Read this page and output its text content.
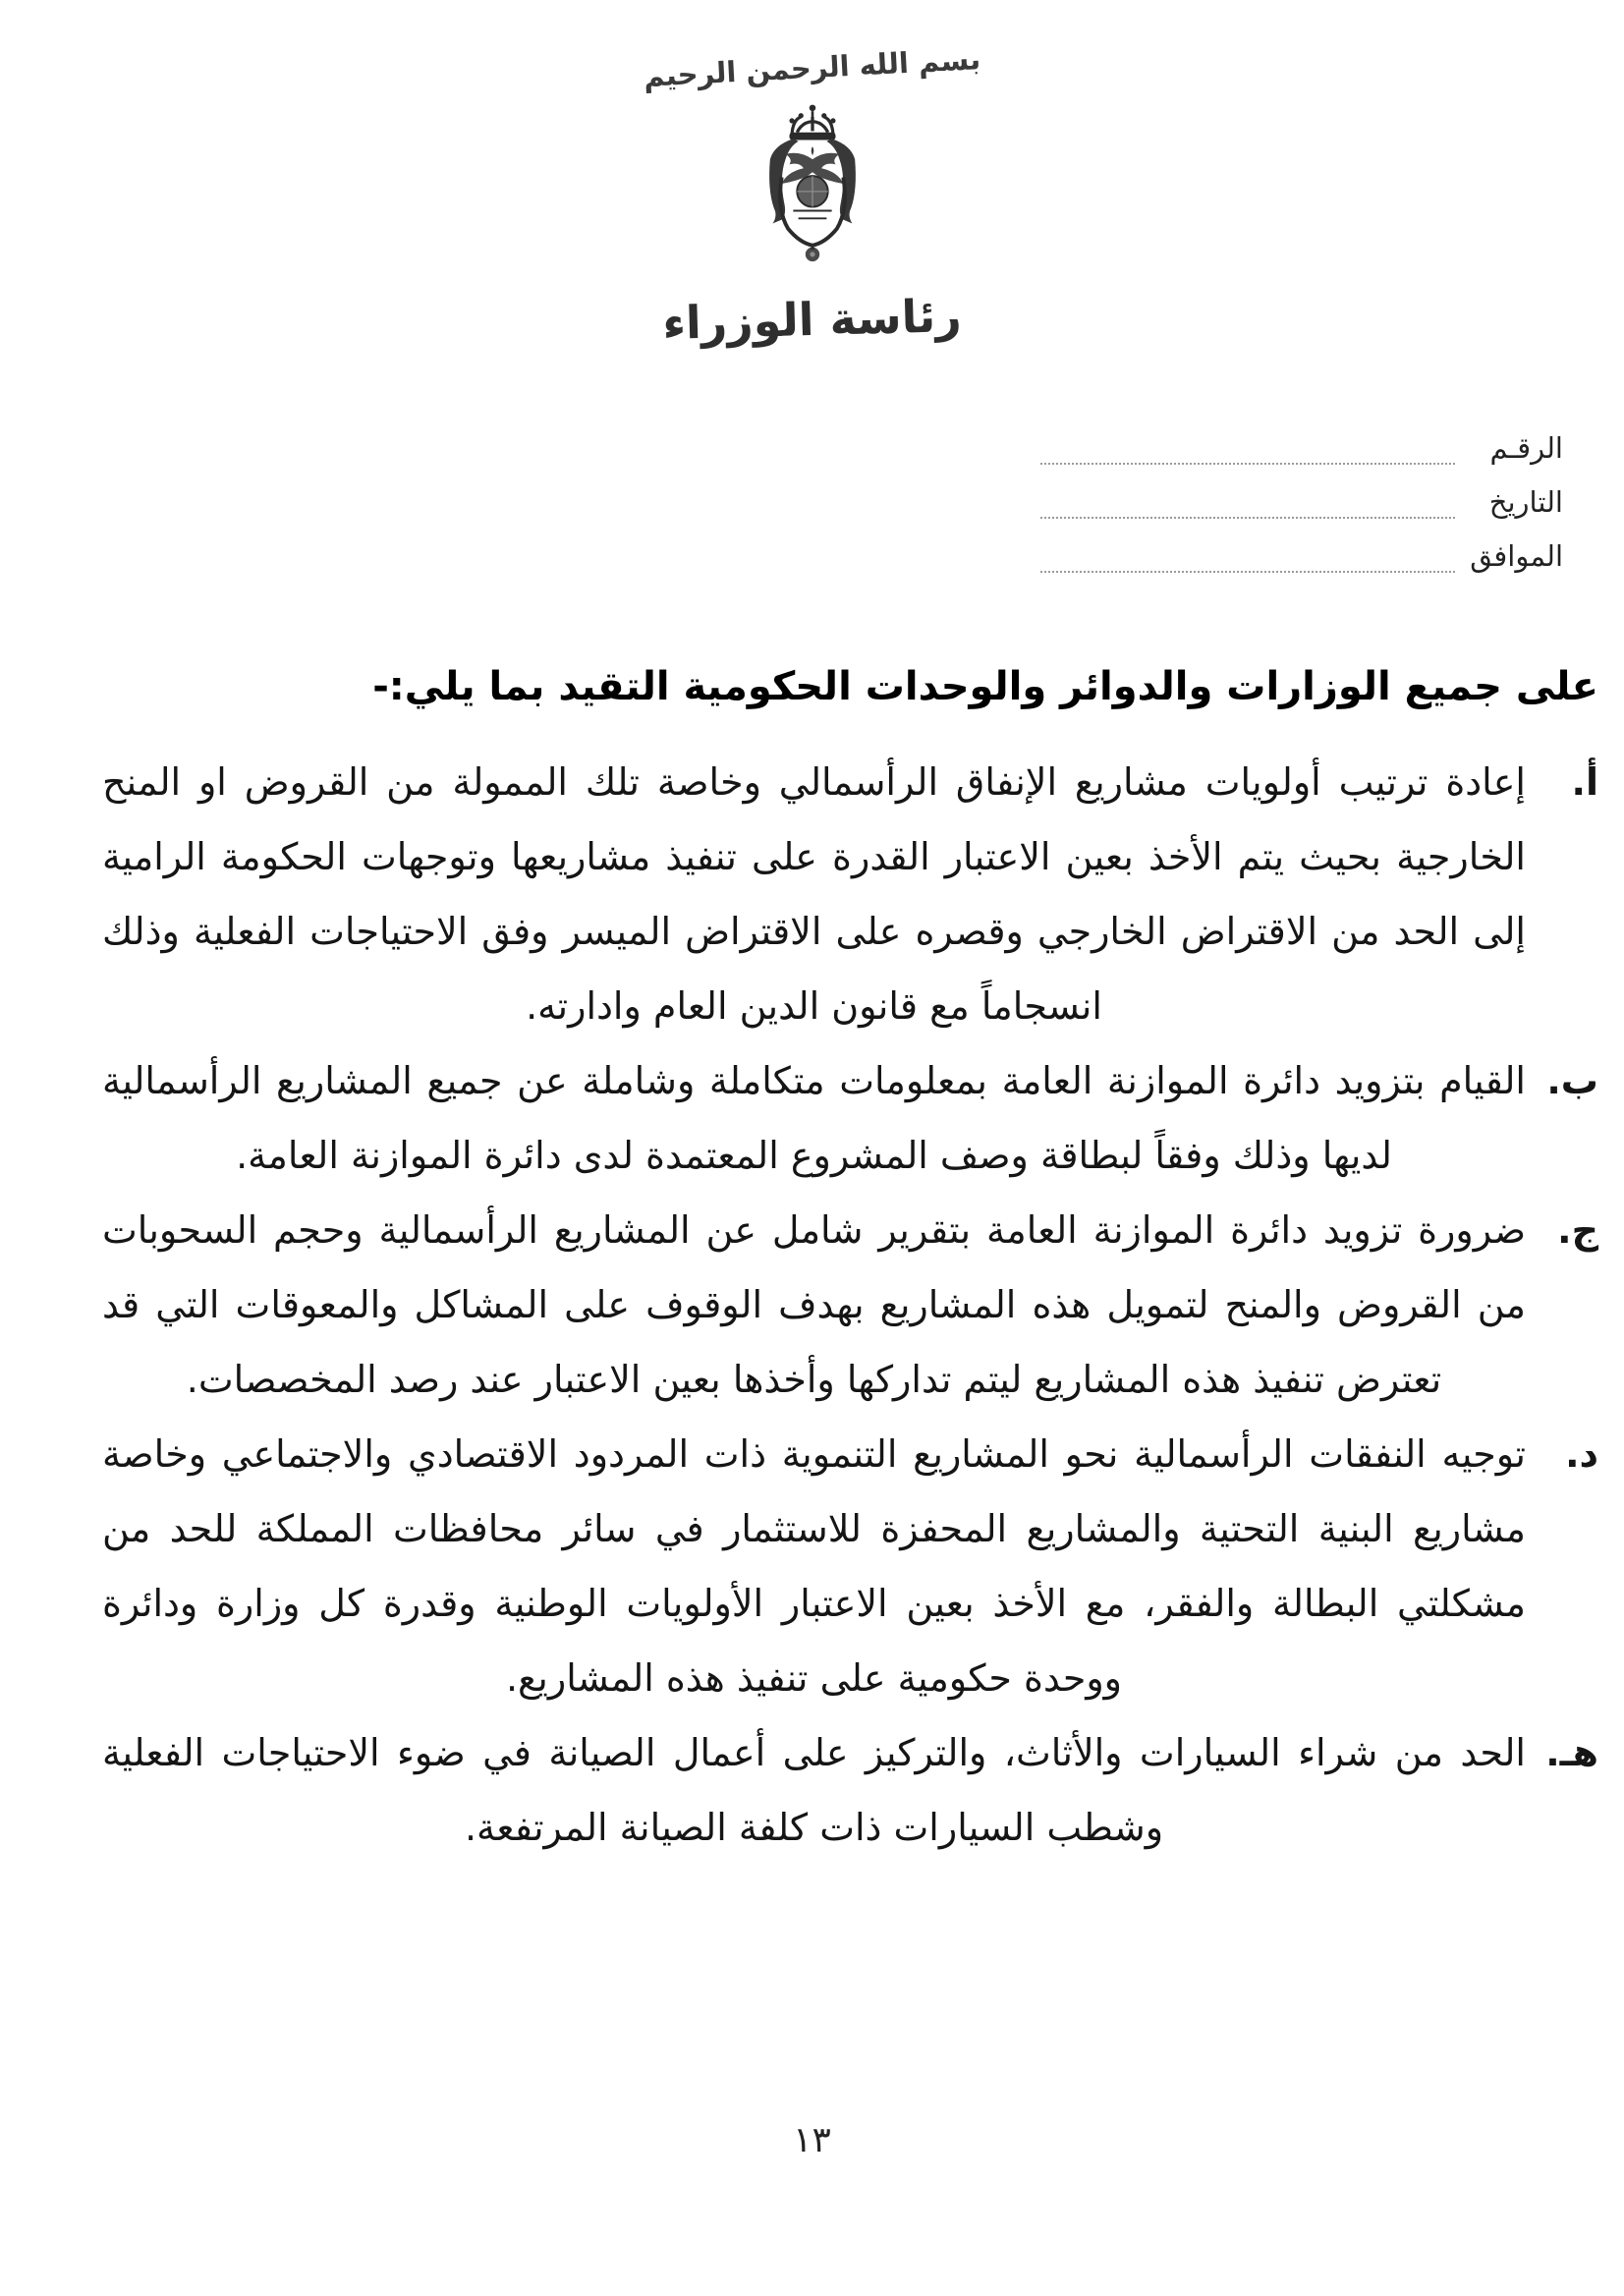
بسم الله الرحمن الرحيم
رئاسة الوزراء
الرقـم
التاريخ
الموافق
على جميع الوزارات والدوائر والوحدات الحكومية التقيد بما يلي:-
أ.
إعادة ترتيب أولويات مشاريع الإنفاق الرأسمالي وخاصة تلك الممولة من القروض او المنح الخارجية بحيث يتم الأخذ بعين الاعتبار القدرة على تنفيذ مشاريعها وتوجهات الحكومة الرامية إلى الحد من الاقتراض الخارجي وقصره على الاقتراض الميسر وفق الاحتياجات الفعلية وذلك انسجاماً مع قانون الدين العام وادارته.
ب.
القيام بتزويد دائرة الموازنة العامة بمعلومات متكاملة وشاملة عن جميع المشاريع الرأسمالية لديها وذلك وفقاً لبطاقة وصف المشروع المعتمدة لدى دائرة الموازنة العامة.
ج.
ضرورة تزويد دائرة الموازنة العامة بتقرير شامل عن المشاريع الرأسمالية وحجم السحوبات من القروض والمنح لتمويل هذه المشاريع بهدف الوقوف على المشاكل والمعوقات التي قد تعترض تنفيذ هذه المشاريع ليتم تداركها وأخذها بعين الاعتبار عند رصد المخصصات.
د.
توجيه النفقات الرأسمالية نحو المشاريع التنموية ذات المردود الاقتصادي والاجتماعي وخاصة مشاريع البنية التحتية والمشاريع المحفزة للاستثمار في سائر محافظات المملكة للحد من مشكلتي البطالة والفقر، مع الأخذ بعين الاعتبار الأولويات الوطنية وقدرة كل وزارة ودائرة ووحدة حكومية على تنفيذ هذه المشاريع.
هـ.
الحد من شراء السيارات والأثاث، والتركيز على أعمال الصيانة في ضوء الاحتياجات الفعلية وشطب السيارات ذات كلفة الصيانة المرتفعة.
١٣
